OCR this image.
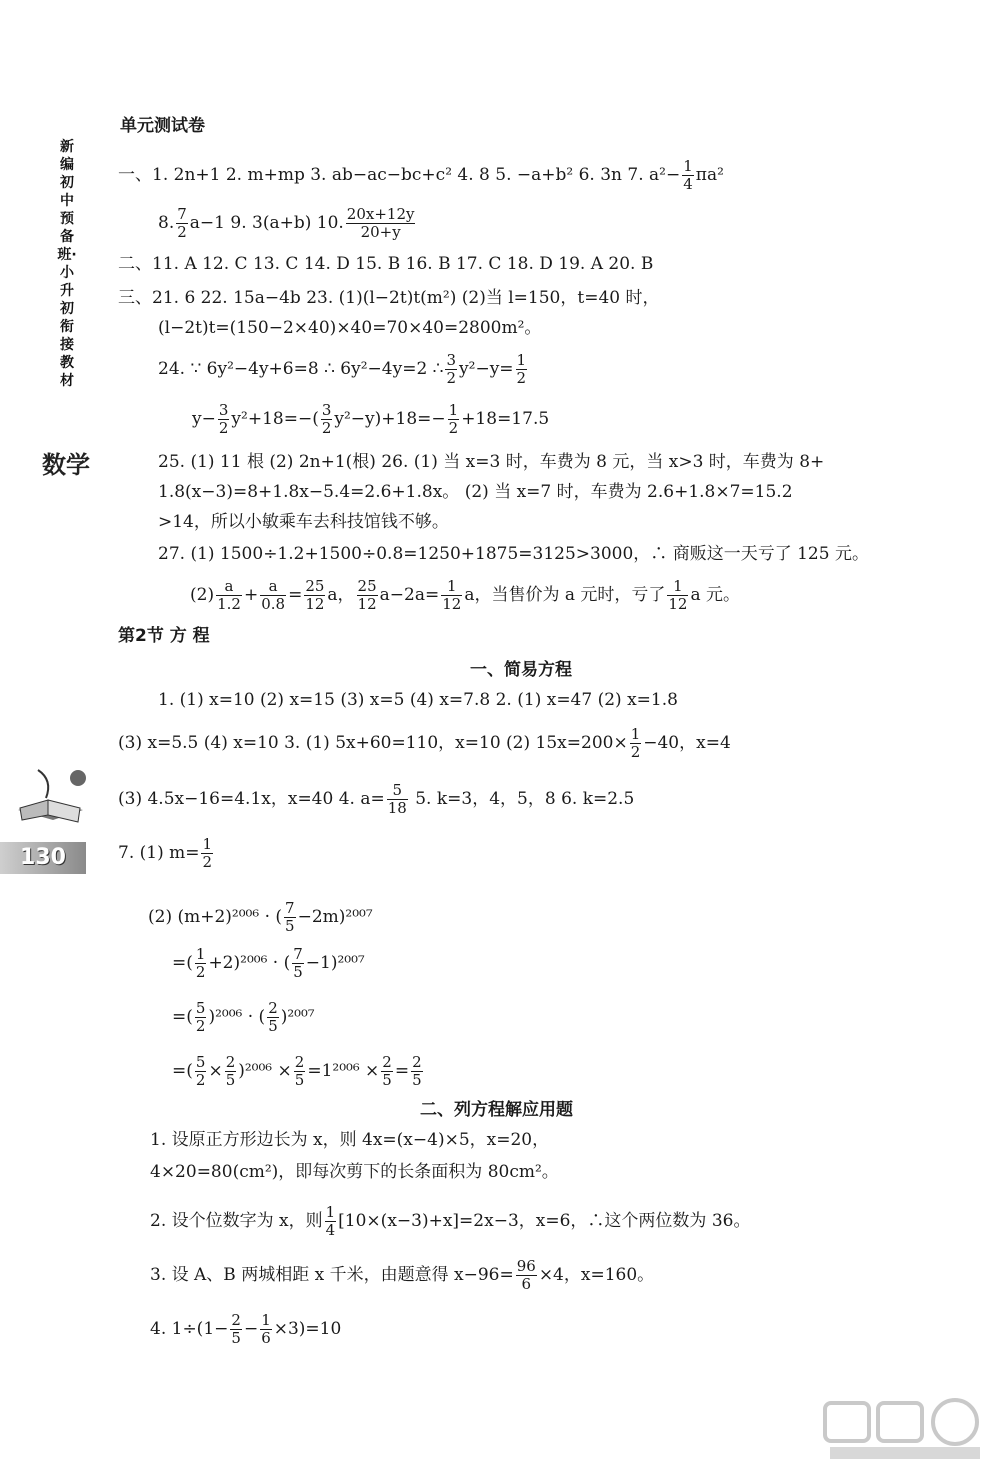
新编初中预备班·小升初衔接教材
数学
130
单元测试卷
一、1. 2n+1 2. m+mp 3. ab−ac−bc+c² 4. 8 5. −a+b² 6. 3n 7. $a^2- \frac{1}{4} \pi a^2$
8. $\frac{7}{2} a-1$ 9. 3(a+b) 10. $\frac{20x+12y}{20+y}$
二、11. A 12. C 13. C 14. D 15. B 16. B 17. C 18. D 19. A 20. B
三、21. 6 22. 15a−4b 23. (1)(l−2t)t(m²) (2)当 l=150，t=40 时，
(l−2t)t=(150−2×40)×40=70×40=2800m²。
24. ∵ 6y²−4y+6=8 ∴ 6y²−4y=2 ∴ $\frac{3}{2} y^2-y= \frac{1}{2}$
$y- \frac{3}{2} y^2+18=-( \frac{3}{2} y^2-y)+18=- \frac{1}{2} +18=17.5$
25. (1) 11 根 (2) 2n+1(根) 26. (1) 当 x=3 时，车费为 8 元，当 x>3 时，车费为 8+
1.8(x−3)=8+1.8x−5.4=2.6+1.8x。 (2) 当 x=7 时，车费为 2.6+1.8×7=15.2
>14，所以小敏乘车去科技馆钱不够。
27. (1) 1500÷1.2+1500÷0.8=1250+1875=3125>3000，∴ 商贩这一天亏了 125 元。
$(2) \frac{a}{1.2} + \frac{a}{0.8} = \frac{25}{12}$ a， $\frac{25}{12} a-2a= \frac{1}{12}$ a，当售价为 a 元时，亏了 $\frac{1}{12}$ a 元。
第2节 方 程
一、简易方程
1. (1) x=10 (2) x=15 (3) x=5 (4) x=7.8 2. (1) x=47 (2) x=1.8
(3) x=5.5 (4) x=10 3. (1) 5x+60=110，x=10 (2) $15x=200\times \frac{1}{2} -40$，x=4
(3) 4.5x−16=4.1x，x=40 4. $a= \frac{5}{18} 5$. k=3，4，5，8 6. k=2.5
7. (1) $m= \frac{1}{2}$
(2) (m+2)²⁰⁰⁶ · ( $\frac{7}{5} -2m)^{2007}$
=( $\frac{1}{2} +2)^{2006}$ · ( $\frac{7}{5} -1)^{2007}$
=( $\frac{5}{2} )^{2006}$ · ( $\frac{2}{5} )^{2007}$
=( $\frac{5}{2} \times \frac{2}{5} )^{2006} \times \frac{2}{5} =1^{2006} \times \frac{2}{5} = \frac{2}{5}$
二、列方程解应用题
1. 设原正方形边长为 x，则 4x=(x−4)×5，x=20，
4×20=80(cm²)，即每次剪下的长条面积为 80cm²。
2. 设个位数字为 x，则 $\frac{1}{4} [10\times(x-3)+x]=2x-3$，x=6，∴这个两位数为 36。
3. 设 A、B 两城相距 x 千米，由题意得 $x-96= \frac{96}{6} \times 4$，x=160。
4. $1\div(1- \frac{2}{5} - \frac{1}{6} \times 3)=10$
